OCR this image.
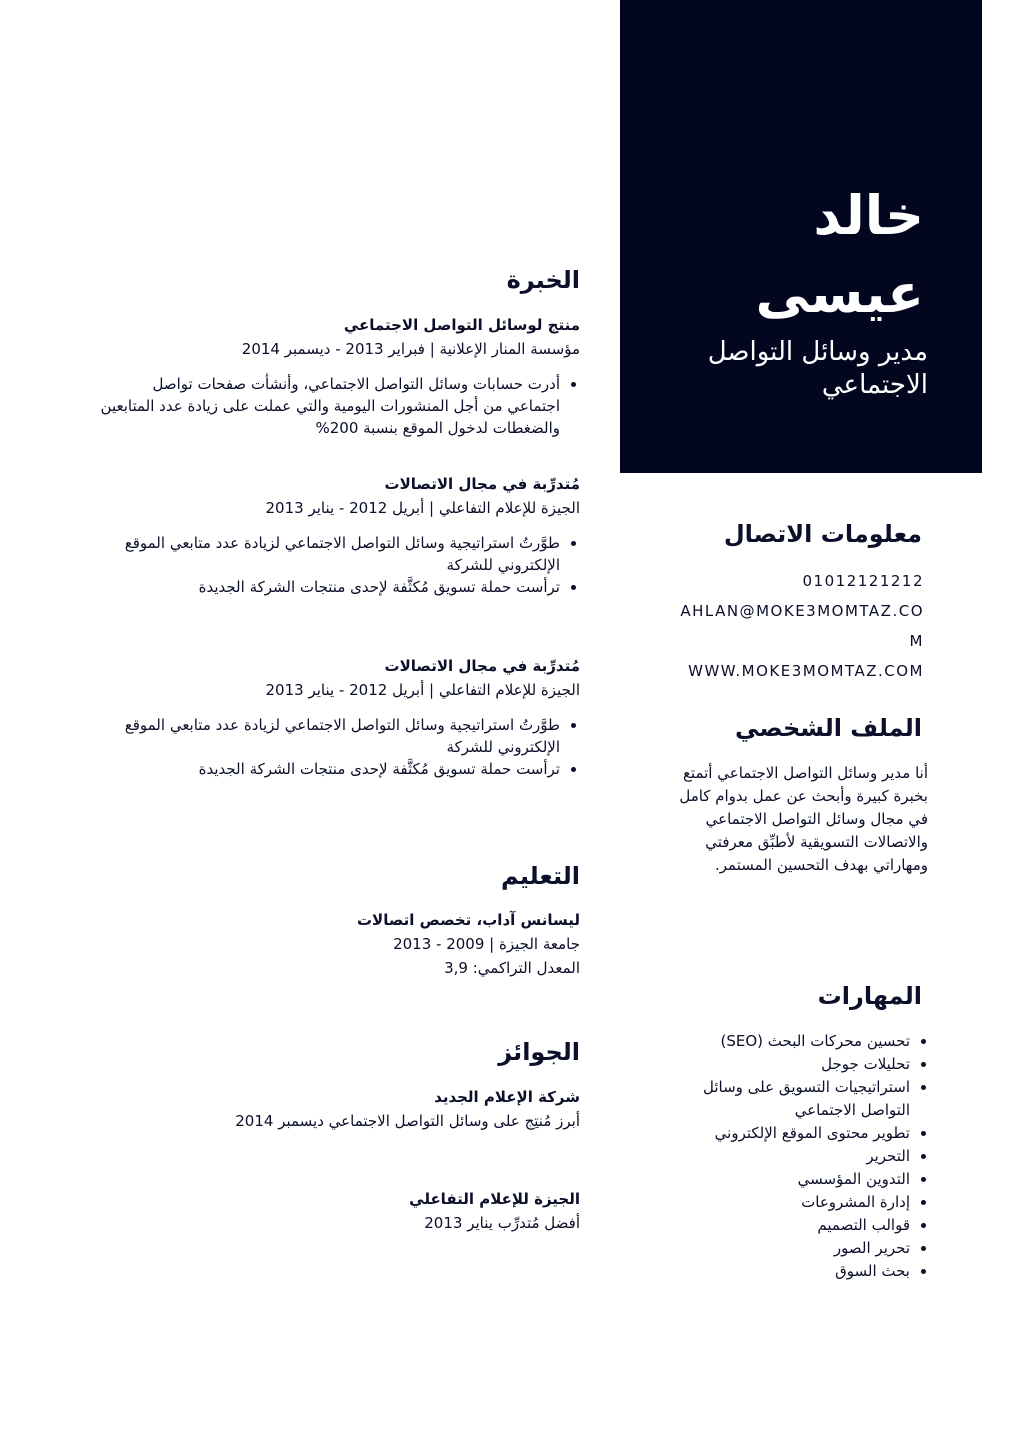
خالد
عيسى
مدير وسائل التواصل الاجتماعي
معلومات الاتصال
01012121212
AHLAN@MOKE3MOMTAZ.COM
WWW.MOKE3MOMTAZ.COM
الملف الشخصي
أنا مدير وسائل التواصل الاجتماعي أتمتع بخبرة كبيرة وأبحث عن عمل بدوام كامل في مجال وسائل التواصل الاجتماعي والاتصالات التسويقية لأطبِّق معرفتي ومهاراتي بهدف التحسين المستمر.
المهارات
• تحسين محركات البحث (SEO)
• تحليلات جوجل
• استراتيجيات التسويق على وسائل التواصل الاجتماعي
• تطوير محتوى الموقع الإلكتروني
• التحرير
• التدوين المؤسسي
• إدارة المشروعات
• قوالب التصميم
• تحرير الصور
• بحث السوق
الخبرة
منتج لوسائل التواصل الاجتماعي
مؤسسة المنار الإعلانية | فبراير 2013 - ديسمبر 2014
• أدرت حسابات وسائل التواصل الاجتماعي، وأنشأت صفحات تواصل اجتماعي من أجل المنشورات اليومية والتي عملت على زيادة عدد المتابعين والضغطات لدخول الموقع بنسبة 200%
مُتدرِّبة في مجال الاتصالات
الجيزة للإعلام التفاعلي | أبريل 2012 - يناير 2013
• طوَّرتُ استراتيجية وسائل التواصل الاجتماعي لزيادة عدد متابعي الموقع الإلكتروني للشركة
• ترأست حملة تسويق مُكثَّفة لإحدى منتجات الشركة الجديدة
مُتدرِّبة في مجال الاتصالات
الجيزة للإعلام التفاعلي | أبريل 2012 - يناير 2013
• طوَّرتُ استراتيجية وسائل التواصل الاجتماعي لزيادة عدد متابعي الموقع الإلكتروني للشركة
• ترأست حملة تسويق مُكثَّفة لإحدى منتجات الشركة الجديدة
التعليم
ليسانس آداب، تخصص اتصالات
جامعة الجيزة | 2009 - 2013
المعدل التراكمي: 3,9
الجوائز
شركة الإعلام الجديد
أبرز مُنتِج على وسائل التواصل الاجتماعي ديسمبر 2014
الجيزة للإعلام التفاعلي
أفضل مُتدرِّب يناير 2013
